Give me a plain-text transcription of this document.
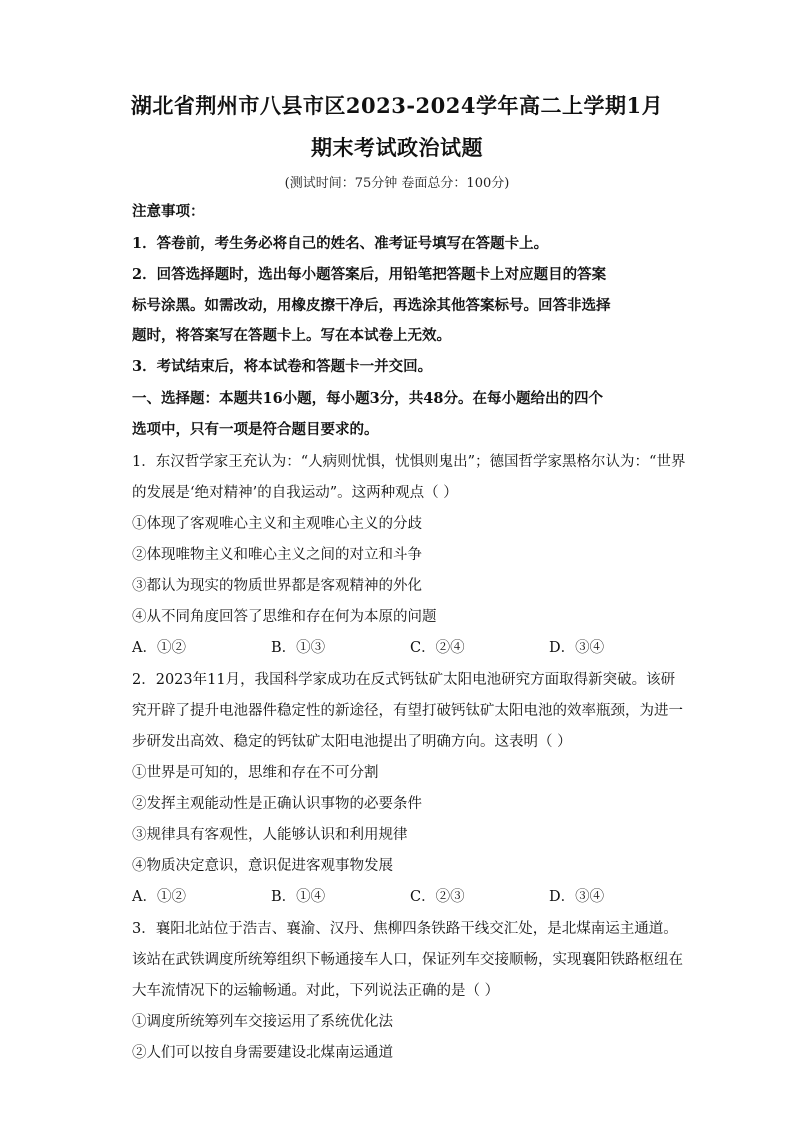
湖北省荆州市八县市区2023-2024学年高二上学期1月
期末考试政治试题
(测试时间：75分钟 卷面总分：100分)
注意事项：
1．答卷前，考生务必将自己的姓名、准考证号填写在答题卡上。
2．回答选择题时，选出每小题答案后，用铅笔把答题卡上对应题目的答案
标号涂黑。如需改动，用橡皮擦干净后，再选涂其他答案标号。回答非选择
题时，将答案写在答题卡上。写在本试卷上无效。
3．考试结束后，将本试卷和答题卡一并交回。
一、选择题：本题共16小题，每小题3分，共48分。在每小题给出的四个
选项中，只有一项是符合题目要求的。
1．东汉哲学家王充认为：“人病则忧惧，忧惧则鬼出”；德国哲学家黑格尔认为：“世界
的发展是‘绝对精神’的自我运动”。这两种观点（ ）
①体现了客观唯心主义和主观唯心主义的分歧
②体现唯物主义和唯心主义之间的对立和斗争
③都认为现实的物质世界都是客观精神的外化
④从不同角度回答了思维和存在何为本原的问题
A．①②	B．①③	C．②④	D．③④
2．2023年11月，我国科学家成功在反式钙钛矿太阳电池研究方面取得新突破。该研
究开辟了提升电池器件稳定性的新途径，有望打破钙钛矿太阳电池的效率瓶颈，为进一
步研发出高效、稳定的钙钛矿太阳电池提出了明确方向。这表明（ ）
①世界是可知的，思维和存在不可分割
②发挥主观能动性是正确认识事物的必要条件
③规律具有客观性，人能够认识和利用规律
④物质决定意识，意识促进客观事物发展
A．①②	B．①④	C．②③	D．③④
3．襄阳北站位于浩吉、襄渝、汉丹、焦柳四条铁路干线交汇处，是北煤南运主通道。
该站在武铁调度所统筹组织下畅通接车人口，保证列车交接顺畅，实现襄阳铁路枢纽在
大车流情况下的运输畅通。对此，下列说法正确的是（ ）
①调度所统筹列车交接运用了系统优化法
②人们可以按自身需要建设北煤南运通道
